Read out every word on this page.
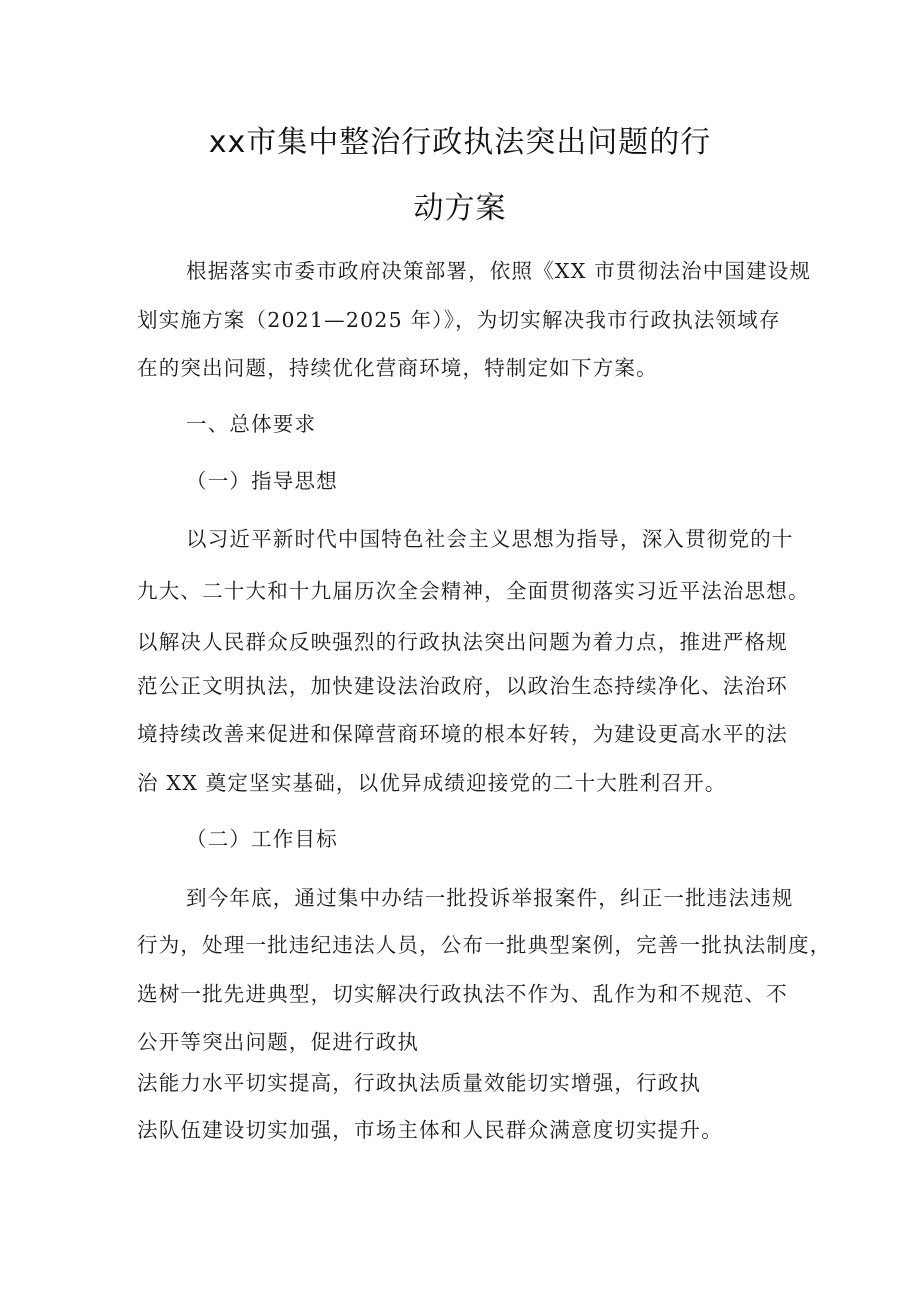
xx市集中整治行政执法突出问题的行
动方案
根据落实市委市政府决策部署，依照《XX 市贯彻法治中国建设规
划实施方案（2021—2025 年）》，为切实解决我市行政执法领域存
在的突出问题，持续优化营商环境，特制定如下方案。
一、总体要求
（一）指导思想
以习近平新时代中国特色社会主义思想为指导，深入贯彻党的十
九大、二十大和十九届历次全会精神，全面贯彻落实习近平法治思想。
以解决人民群众反映强烈的行政执法突出问题为着力点，推进严格规
范公正文明执法，加快建设法治政府，以政治生态持续净化、法治环
境持续改善来促进和保障营商环境的根本好转，为建设更高水平的法
治 XX 奠定坚实基础，以优异成绩迎接党的二十大胜利召开。
（二）工作目标
到今年底，通过集中办结一批投诉举报案件，纠正一批违法违规
行为，处理一批违纪违法人员，公布一批典型案例，完善一批执法制度，
选树一批先进典型，切实解决行政执法不作为、乱作为和不规范、不
公开等突出问题，促进行政执
法能力水平切实提高，行政执法质量效能切实增强，行政执
法队伍建设切实加强，市场主体和人民群众满意度切实提升。
